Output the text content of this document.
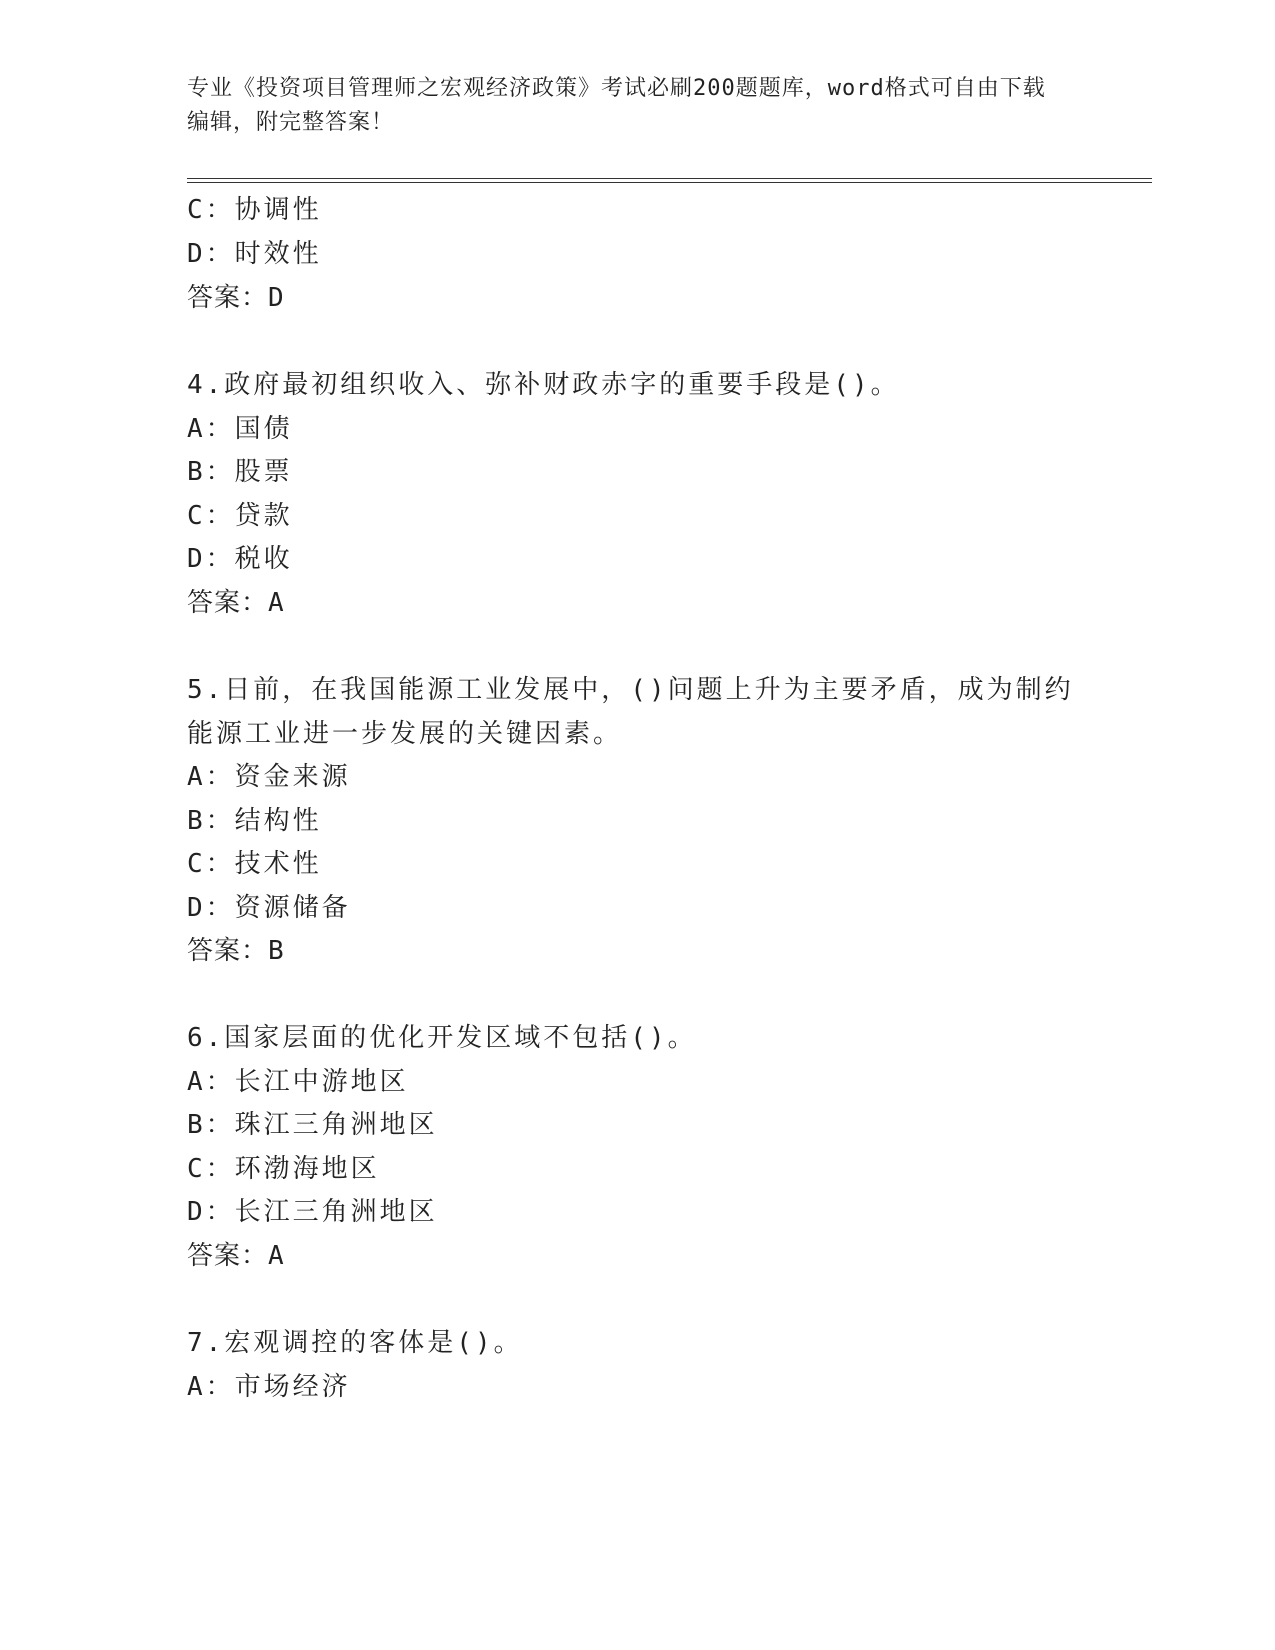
专业《投资项目管理师之宏观经济政策》考试必刷200题题库，word格式可自由下载编辑，附完整答案！
C：协调性
D：时效性
答案：D
4.政府最初组织收入、弥补财政赤字的重要手段是()。
A：国债
B：股票
C：贷款
D：税收
答案：A
5.日前，在我国能源工业发展中，()问题上升为主要矛盾，成为制约
能源工业进一步发展的关键因素。
A：资金来源
B：结构性
C：技术性
D：资源储备
答案：B
6.国家层面的优化开发区域不包括()。
A：长江中游地区
B：珠江三角洲地区
C：环渤海地区
D：长江三角洲地区
答案：A
7.宏观调控的客体是()。
A：市场经济
